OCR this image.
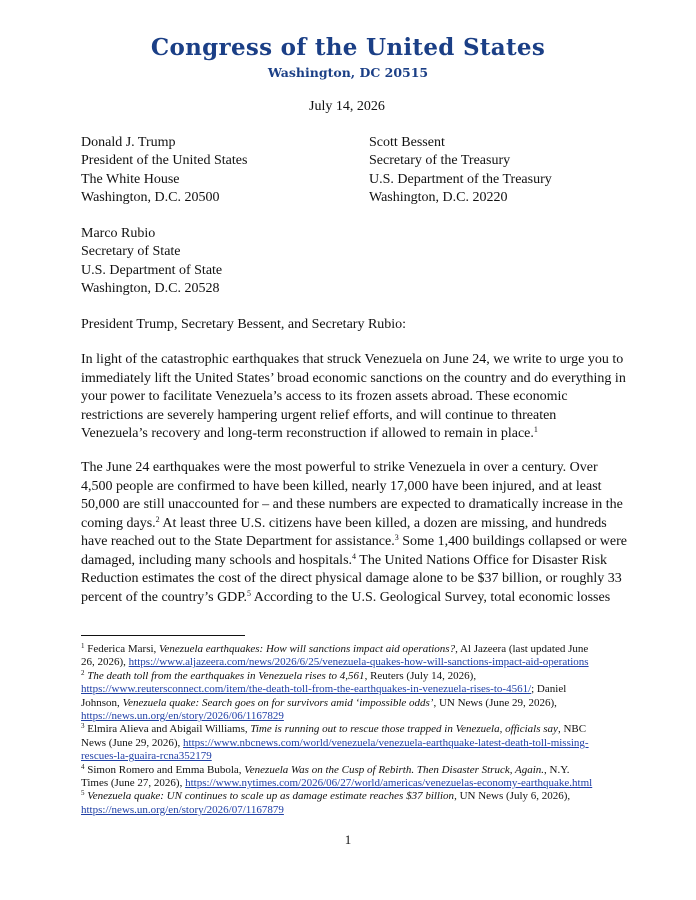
Congress of the United States
Washington, DC 20515
July 14, 2026
Donald J. Trump
President of the United States
The White House
Washington, D.C. 20500
Scott Bessent
Secretary of the Treasury
U.S. Department of the Treasury
Washington, D.C. 20220
Marco Rubio
Secretary of State
U.S. Department of State
Washington, D.C. 20528
President Trump, Secretary Bessent, and Secretary Rubio:
In light of the catastrophic earthquakes that struck Venezuela on June 24, we write to urge you to
immediately lift the United States’ broad economic sanctions on the country and do everything in
your power to facilitate Venezuela’s access to its frozen assets abroad. These economic
restrictions are severely hampering urgent relief efforts, and will continue to threaten
Venezuela’s recovery and long-term reconstruction if allowed to remain in place.$^1$
The June 24 earthquakes were the most powerful to strike Venezuela in over a century. Over
4,500 people are confirmed to have been killed, nearly 17,000 have been injured, and at least
50,000 are still unaccounted for – and these numbers are expected to dramatically increase in the
coming days.$^2$ At least three U.S. citizens have been killed, a dozen are missing, and hundreds
have reached out to the State Department for assistance.$^3$ Some 1,400 buildings collapsed or were
damaged, including many schools and hospitals.$^4$ The United Nations Office for Disaster Risk
Reduction estimates the cost of the direct physical damage alone to be $37 billion, or roughly 33
percent of the country’s GDP.$^5$ According to the U.S. Geological Survey, total economic losses
$^1$ Federica Marsi, Venezuela earthquakes: How will sanctions impact aid operations?, Al Jazeera (last updated June
26, 2026), https://www.aljazeera.com/news/2026/6/25/venezuela-quakes-how-will-sanctions-impact-aid-operations
$^2$ The death toll from the earthquakes in Venezuela rises to 4,561, Reuters (July 14, 2026),
https://www.reutersconnect.com/item/the-death-toll-from-the-earthquakes-in-venezuela-rises-to-4561/; Daniel
Johnson, Venezuela quake: Search goes on for survivors amid ‘impossible odds’, UN News (June 29, 2026),
https://news.un.org/en/story/2026/06/1167829
$^3$ Elmira Alieva and Abigail Williams, Time is running out to rescue those trapped in Venezuela, officials say, NBC
News (June 29, 2026), https://www.nbcnews.com/world/venezuela/venezuela-earthquake-latest-death-toll-missing-
rescues-la-guaira-rcna352179
$^4$ Simon Romero and Emma Bubola, Venezuela Was on the Cusp of Rebirth. Then Disaster Struck, Again., N.Y.
Times (June 27, 2026), https://www.nytimes.com/2026/06/27/world/americas/venezuelas-economy-earthquake.html
$^5$ Venezuela quake: UN continues to scale up as damage estimate reaches $37 billion, UN News (July 6, 2026),
https://news.un.org/en/story/2026/07/1167879
1
